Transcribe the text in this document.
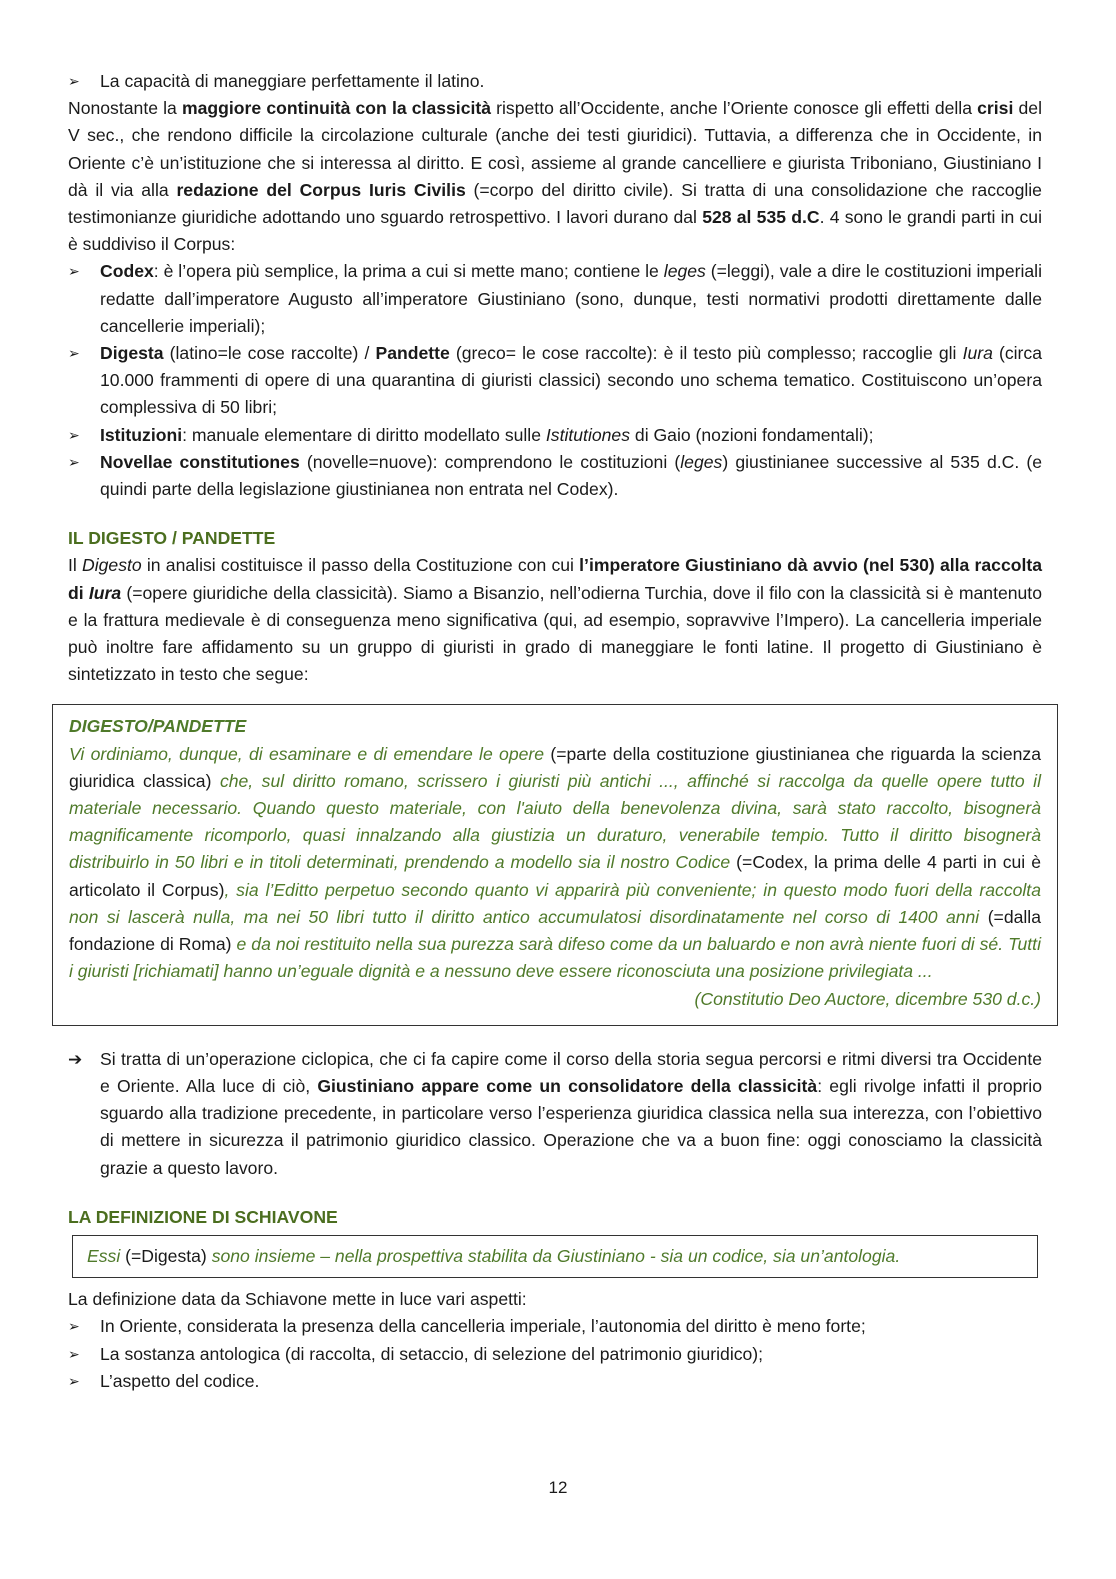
➢	La capacità di maneggiare perfettamente il latino.

Nonostante la maggiore continuità con la classicità rispetto all’Occidente, anche l’Oriente conosce gli effetti della crisi del V sec., che rendono difficile la circolazione culturale (anche dei testi giuridici). Tuttavia, a differenza che in Occidente, in Oriente c’è un’istituzione che si interessa al diritto. E così, assieme al grande cancelliere e giurista Triboniano, Giustiniano I dà il via alla redazione del Corpus Iuris Civilis (=corpo del diritto civile). Si tratta di una consolidazione che raccoglie testimonianze giuridiche adottando uno sguardo retrospettivo. I lavori durano dal 528 al 535 d.C. 4 sono le grandi parti in cui è suddiviso il Corpus:

➢	Codex: è l’opera più semplice, la prima a cui si mette mano; contiene le leges (=leggi), vale a dire le costituzioni imperiali redatte dall’imperatore Augusto all’imperatore Giustiniano (sono, dunque, testi normativi prodotti direttamente dalle cancellerie imperiali);
➢	Digesta (latino=le cose raccolte) / Pandette (greco= le cose raccolte): è il testo più complesso; raccoglie gli Iura (circa 10.000 frammenti di opere di una quarantina di giuristi classici) secondo uno schema tematico. Costituiscono un’opera complessiva di 50 libri;
➢	Istituzioni: manuale elementare di diritto modellato sulle Istitutiones di Gaio (nozioni fondamentali);
➢	Novellae constitutiones (novelle=nuove): comprendono le costituzioni (leges) giustinianee successive al 535 d.C. (e quindi parte della legislazione giustinianea non entrata nel Codex).
IL DIGESTO / PANDETTE

Il Digesto in analisi costituisce il passo della Costituzione con cui l’imperatore Giustiniano dà avvio (nel 530) alla raccolta di Iura (=opere giuridiche della classicità). Siamo a Bisanzio, nell’odierna Turchia, dove il filo con la classicità si è mantenuto e la frattura medievale è di conseguenza meno significativa (qui, ad esempio, sopravvive l’Impero). La cancelleria imperiale può inoltre fare affidamento su un gruppo di giuristi in grado di maneggiare le fonti latine. Il progetto di Giustiniano è sintetizzato in testo che segue:

DIGESTO/PANDETTE

Vi ordiniamo, dunque, di esaminare e di emendare le opere (=parte della costituzione giustinianea che riguarda la scienza giuridica classica) che, sul diritto romano, scrissero i giuristi più antichi ..., affinché si raccolga da quelle opere tutto il materiale necessario. Quando questo materiale, con l'aiuto della benevolenza divina, sarà stato raccolto, bisognerà magnificamente ricomporlo, quasi innalzando alla giustizia un duraturo, venerabile tempio. Tutto il diritto bisognerà distribuirlo in 50 libri e in titoli determinati, prendendo a modello sia il nostro Codice (=Codex, la prima delle 4 parti in cui è articolato il Corpus), sia l’Editto perpetuo secondo quanto vi apparirà più conveniente; in questo modo fuori della raccolta non si lascerà nulla, ma nei 50 libri tutto il diritto antico accumulatosi disordinatamente nel corso di 1400 anni (=dalla fondazione di Roma) e da noi restituito nella sua purezza sarà difeso come da un baluardo e non avrà niente fuori di sé. Tutti i giuristi [richiamati] hanno un’eguale dignità e a nessuno deve essere riconosciuta una posizione privilegiata ...

(Constitutio Deo Auctore, dicembre 530 d.c.)
➔	Si tratta di un’operazione ciclopica, che ci fa capire come il corso della storia segua percorsi e ritmi diversi tra Occidente e Oriente. Alla luce di ciò, Giustiniano appare come un consolidatore della classicità: egli rivolge infatti il proprio sguardo alla tradizione precedente, in particolare verso l’esperienza giuridica classica nella sua interezza, con l’obiettivo di mettere in sicurezza il patrimonio giuridico classico. Operazione che va a buon fine: oggi conosciamo la classicità grazie a questo lavoro.
LA DEFINIZIONE DI SCHIAVONE
Essi (=Digesta) sono insieme – nella prospettiva stabilita da Giustiniano - sia un codice, sia un’antologia.

La definizione data da Schiavone mette in luce vari aspetti:

➢	In Oriente, considerata la presenza della cancelleria imperiale, l’autonomia del diritto è meno forte;
➢	La sostanza antologica (di raccolta, di setaccio, di selezione del patrimonio giuridico);
➢	L’aspetto del codice.
12
